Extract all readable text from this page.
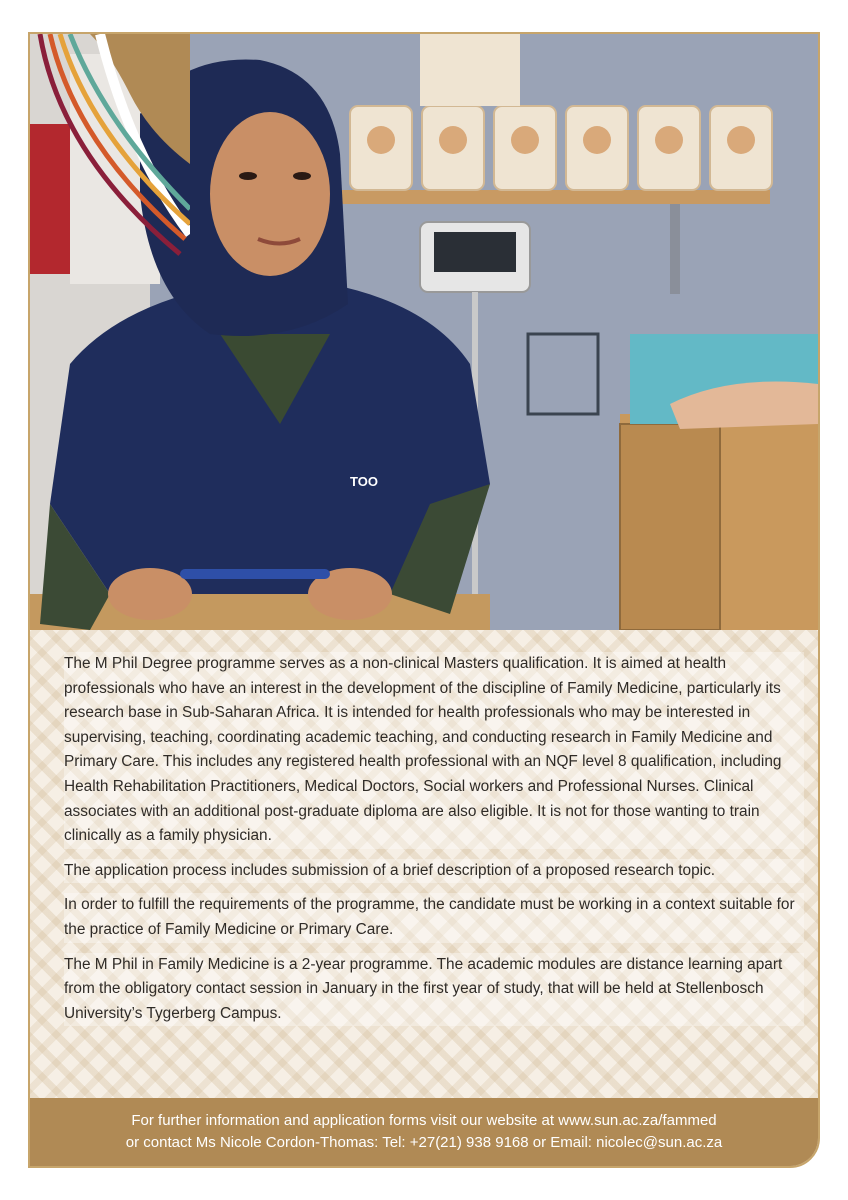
TOO

The M Phil Degree programme serves as a non-clinical Masters qualification. It is aimed at health professionals who have an interest in the development of the discipline of Family Medicine, particularly its research base in Sub-Saharan Africa. It is intended for health professionals who may be interested in supervising, teaching, coordinating academic teaching, and conducting research in Family Medicine and Primary Care. This includes any registered health professional with an NQF level 8 qualification, including Health Rehabilitation Practitioners, Medical Doctors, Social workers and Professional Nurses. Clinical associates with an additional post-graduate diploma are also eligible. It is not for those wanting to train clinically as a family physician.

The application process includes submission of a brief description of a proposed research topic.

In order to fulfill the requirements of the programme, the candidate must be working in a context suitable for the practice of Family Medicine or Primary Care.

The M Phil in Family Medicine is a 2-year programme. The academic modules are distance learning apart from the obligatory contact session in January in the first year of study, that will be held at Stellenbosch University’s Tygerberg Campus.

For further information and application forms visit our website at www.sun.ac.za/fammed
or contact Ms Nicole Cordon-Thomas: Tel: +27(21) 938 9168 or Email: nicolec@sun.ac.za
